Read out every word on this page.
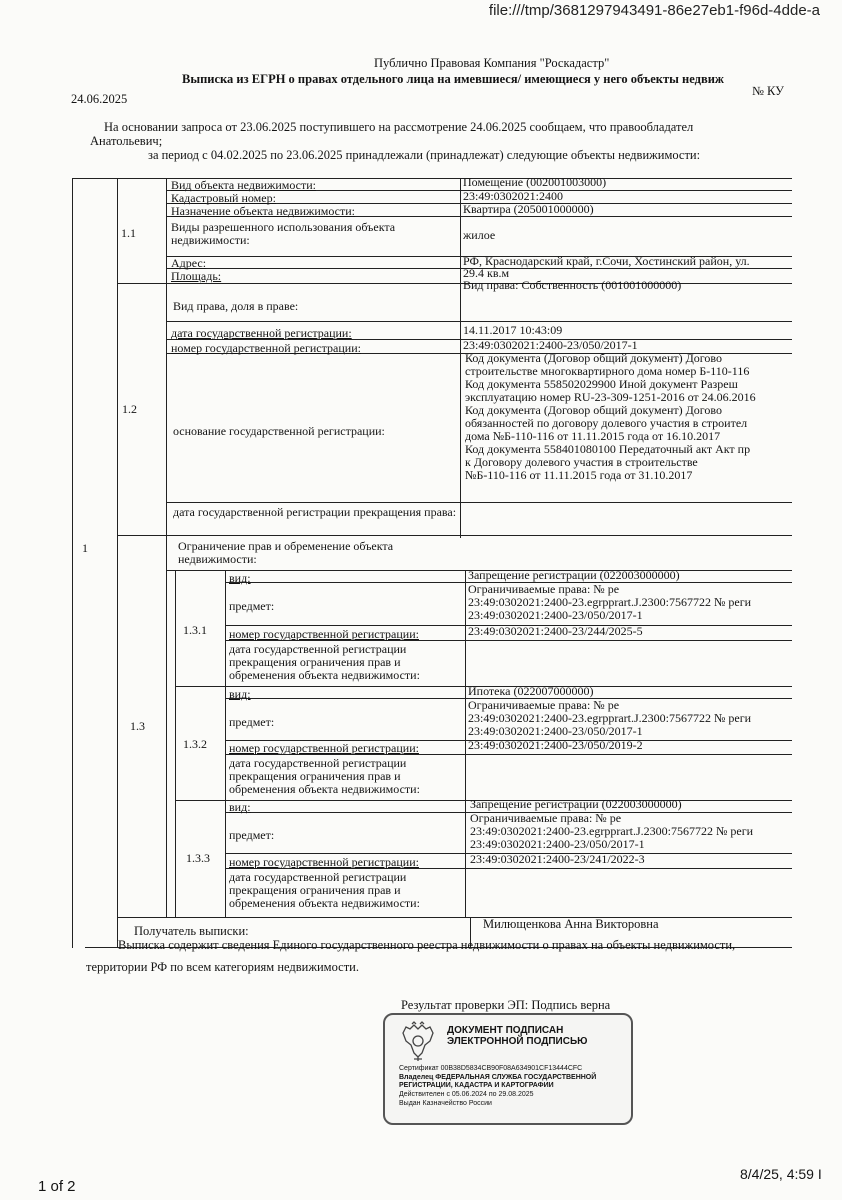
file:///tmp/3681297943491-86e27eb1-f96d-4dde-a
1 of 2
8/4/25, 4:59 I
Публично Правовая Компания "Роскадастр"
Выписка из ЕГРН о правах отдельного лица на имевшиеся/ имеющиеся у него объекты недвиж
№ КУ
24.06.2025
На основании запроса от 23.06.2025 поступившего на рассмотрение 24.06.2025 сообщаем, что правообладател
Анатольевич;
за период с 04.02.2025 по 23.06.2025 принадлежали (принадлежат) следующие объекты недвижимости:
1
1.1
Вид объекта недвижимости:	Помещение (002001003000)
Кадастровый номер:	23:49:0302021:2400
Назначение объекта недвижимости:	Квартира (205001000000)
Виды разрешенного использования объекта недвижимости:	жилое
Адрес:	РФ, Краснодарский край, г.Сочи, Хостинский район, ул.
Площадь:	29.4 кв.м
1.2
Вид права, доля в праве:
Вид права: Собственность (001001000000)
дата государственной регистрации:	14.11.2017 10:43:09
номер государственной регистрации:	23:49:0302021:2400-23/050/2017-1
основание государственной регистрации:
Код документа (Договор общий документ) Догово
строительстве многоквартирного дома номер Б-110-116
Код документа 558502029900 Иной документ Разреш
эксплуатацию номер RU-23-309-1251-2016 от 24.06.2016
Код документа (Договор общий документ) Догово
обязанностей по договору долевого участия в строител
дома №Б-110-116 от 11.11.2015 года от 16.10.2017
Код документа 558401080100 Передаточный акт Акт пр
к Договору долевого участия в строительстве
№Б-110-116 от 11.11.2015 года от 31.10.2017
дата государственной регистрации прекращения права:
1.3
Ограничение прав и обременение объекта недвижимости:
1.3.1
вид:	Запрещение регистрации (022003000000)
предмет:
Ограничиваемые права: № ре
23:49:0302021:2400-23.egrpprart.J.2300:7567722 № реги
23:49:0302021:2400-23/050/2017-1
номер государственной регистрации:	23:49:0302021:2400-23/244/2025-5
дата государственной регистрации прекращения ограничения прав и обременения объекта недвижимости:
1.3.2
вид:	Ипотека (022007000000)
предмет:
Ограничиваемые права: № ре
23:49:0302021:2400-23.egrpprart.J.2300:7567722 № реги
23:49:0302021:2400-23/050/2017-1
номер государственной регистрации:	23:49:0302021:2400-23/050/2019-2
дата государственной регистрации прекращения ограничения прав и обременения объекта недвижимости:
1.3.3
вид:	Запрещение регистрации (022003000000)
предмет:
Ограничиваемые права: № ре
23:49:0302021:2400-23.egrpprart.J.2300:7567722 № реги
23:49:0302021:2400-23/050/2017-1
номер государственной регистрации:	23:49:0302021:2400-23/241/2022-3
дата государственной регистрации прекращения ограничения прав и обременения объекта недвижимости:
Получатель выписки:	Милющенкова Анна Викторовна
Выписка содержит сведения Единого государственного реестра недвижимости о правах на объекты недвижимости,
территории РФ по всем категориям недвижимости.
Результат проверки ЭП: Подпись верна
ДОКУМЕНТ ПОДПИСАН
ЭЛЕКТРОННОЙ ПОДПИСЬЮ
Сертификат 00B38D5834CB90F08A634901CF13444CFC
Владелец ФЕДЕРАЛЬНАЯ СЛУЖБА ГОСУДАРСТВЕННОЙ
РЕГИСТРАЦИИ, КАДАСТРА И КАРТОГРАФИИ
Действителен с 05.06.2024 по 29.08.2025
Выдан Казначейство России
